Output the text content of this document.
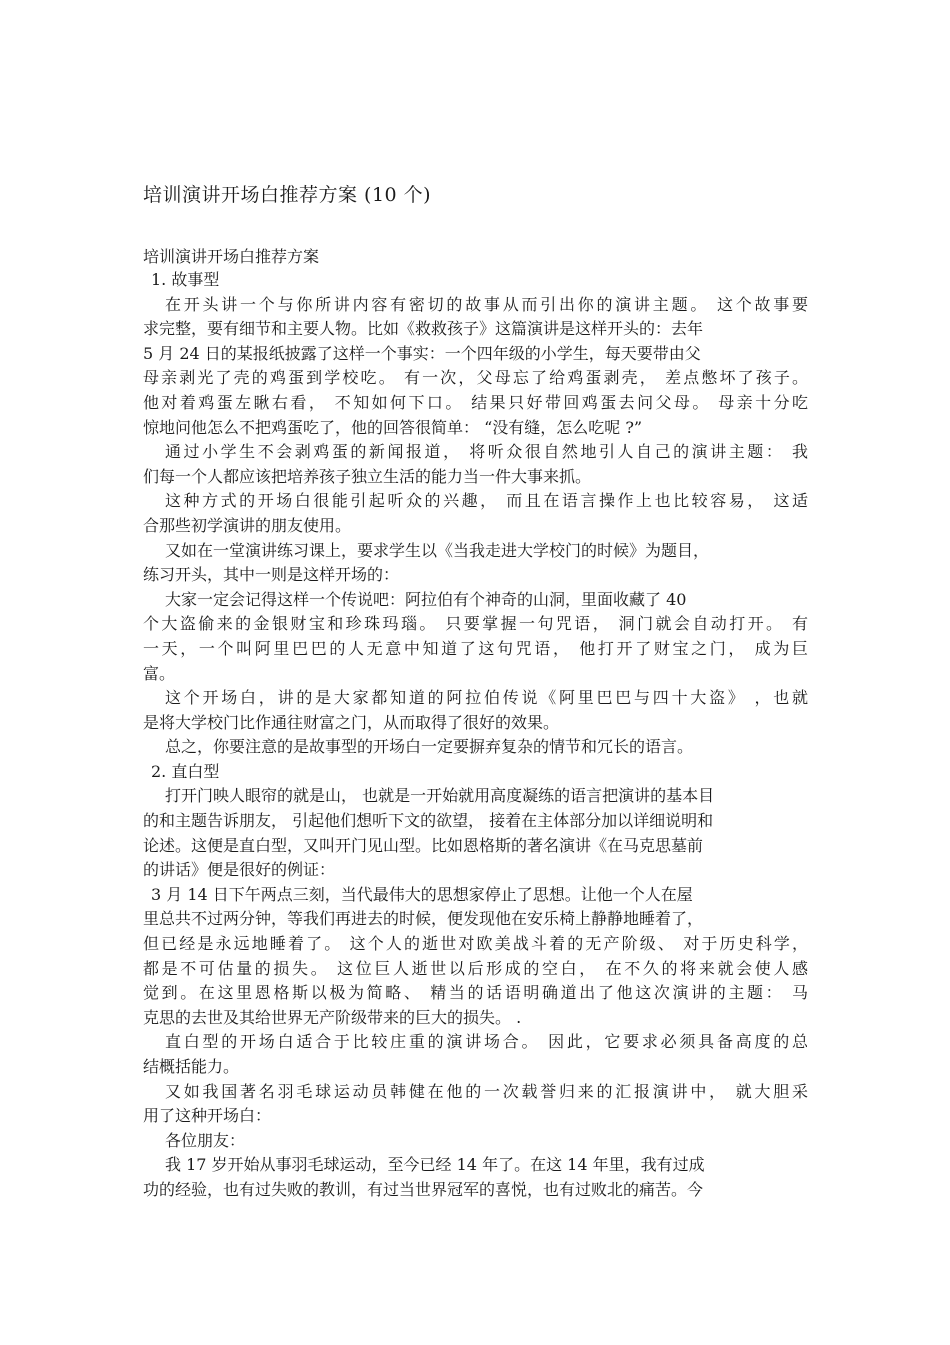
培训演讲开场白推荐方案 (10 个)
培训演讲开场白推荐方案
1. 故事型
在开头讲一个与你所讲内容有密切的故事从而引出你的演讲主题。 这个故事要
求完整，要有细节和主要人物。比如《救救孩子》这篇演讲是这样开头的：去年
5 月 24 日的某报纸披露了这样一个事实：一个四年级的小学生，每天要带由父
母亲剥光了壳的鸡蛋到学校吃。 有一次，父母忘了给鸡蛋剥壳， 差点憋坏了孩子。
他对着鸡蛋左瞅右看， 不知如何下口。 结果只好带回鸡蛋去问父母。 母亲十分吃
惊地问他怎么不把鸡蛋吃了，他的回答很简单： “没有缝，怎么吃呢 ?”
通过小学生不会剥鸡蛋的新闻报道， 将听众很自然地引人自己的演讲主题： 我
们每一个人都应该把培养孩子独立生活的能力当一件大事来抓。
这种方式的开场白很能引起听众的兴趣， 而且在语言操作上也比较容易， 这适
合那些初学演讲的朋友使用。
又如在一堂演讲练习课上，要求学生以《当我走进大学校门的时候》为题目，
练习开头，其中一则是这样开场的：
大家一定会记得这样一个传说吧：阿拉伯有个神奇的山洞，里面收藏了 40
个大盗偷来的金银财宝和珍珠玛瑙。 只要掌握一句咒语， 洞门就会自动打开。 有
一天，一个叫阿里巴巴的人无意中知道了这句咒语， 他打开了财宝之门， 成为巨
富。
这个开场白，讲的是大家都知道的阿拉伯传说《阿里巴巴与四十大盗》 ，也就
是将大学校门比作通往财富之门，从而取得了很好的效果。
总之，你要注意的是故事型的开场白一定要摒弃复杂的情节和冗长的语言。
2. 直白型
打开门映人眼帘的就是山， 也就是一开始就用高度凝练的语言把演讲的基本目
的和主题告诉朋友， 引起他们想听下文的欲望， 接着在主体部分加以详细说明和
论述。这便是直白型，又叫开门见山型。比如恩格斯的著名演讲《在马克思墓前
的讲话》便是很好的例证：
3 月 14 日下午两点三刻，当代最伟大的思想家停止了思想。让他一个人在屋
里总共不过两分钟，等我们再进去的时候，便发现他在安乐椅上静静地睡着了，
但已经是永远地睡着了。 这个人的逝世对欧美战斗着的无产阶级、 对于历史科学，
都是不可估量的损失。 这位巨人逝世以后形成的空白， 在不久的将来就会使人感
觉到。在这里恩格斯以极为简略、 精当的话语明确道出了他这次演讲的主题： 马
克思的去世及其给世界无产阶级带来的巨大的损失。 .
直白型的开场白适合于比较庄重的演讲场合。 因此，它要求必须具备高度的总
结概括能力。
又如我国著名羽毛球运动员韩健在他的一次载誉归来的汇报演讲中， 就大胆采
用了这种开场白：
各位朋友：
我 17 岁开始从事羽毛球运动，至今已经 14 年了。在这 14 年里，我有过成
功的经验，也有过失败的教训，有过当世界冠军的喜悦，也有过败北的痛苦。今
